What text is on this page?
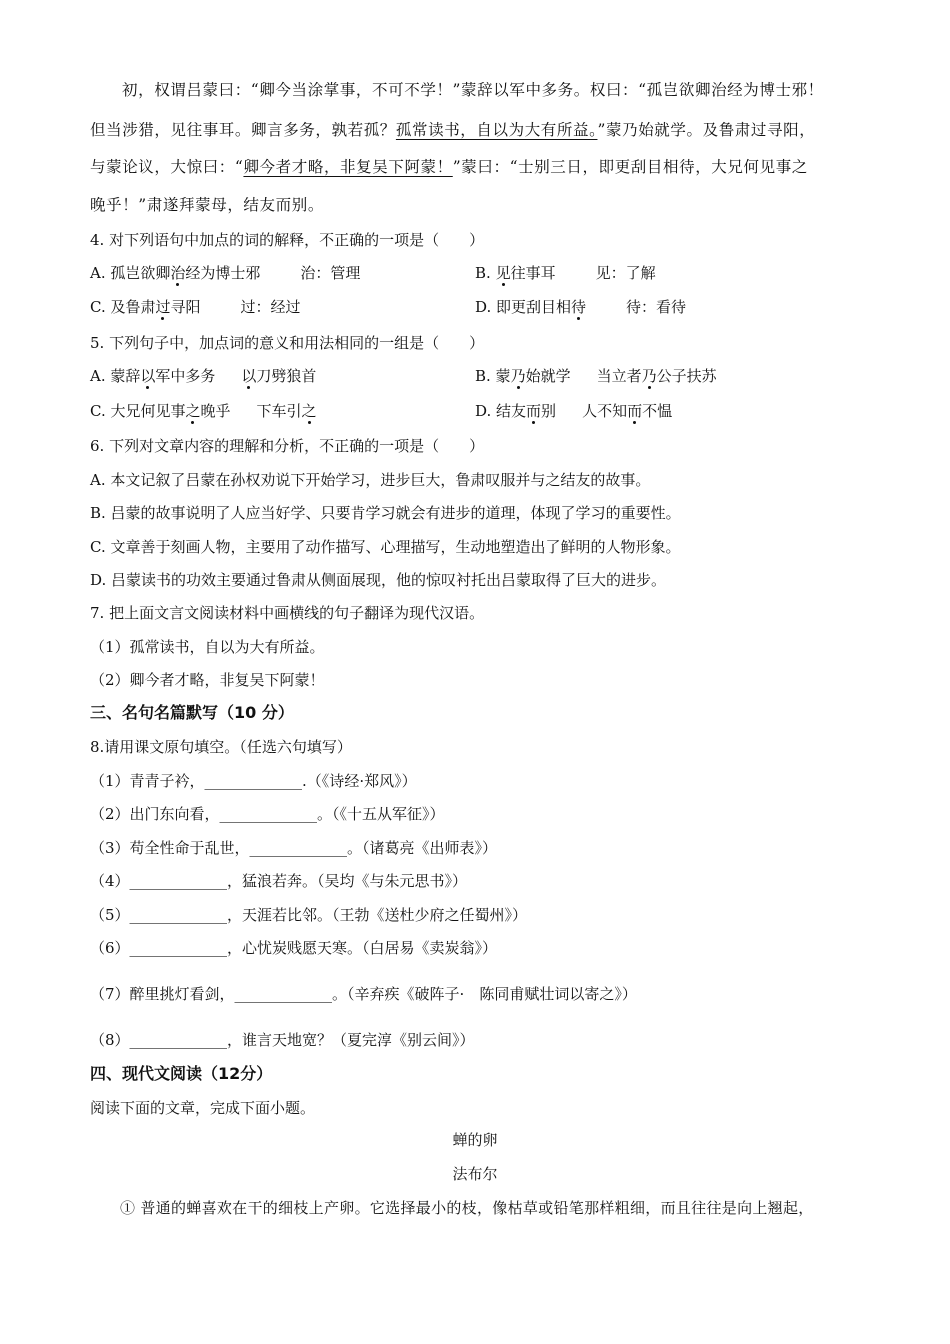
初，权谓吕蒙曰：“卿今当涂掌事，不可不学！”蒙辞以军中多务。权曰：“孤岂欲卿治经为博士邪！
但当涉猎，见往事耳。卿言多务，孰若孤？孤常读书，自以为大有所益。”蒙乃始就学。及鲁肃过寻阳，
与蒙论议，大惊曰：“卿今者才略，非复吴下阿蒙！”蒙曰：“士别三日，即更刮目相待，大兄何见事之
晚乎！”肃遂拜蒙母，结友而别。
4. 对下列语句中加点的词的解释，不正确的一项是（　　）
A. 孤岂欲卿治经为博士邪	治：管理	B. 见往事耳	见：了解
C. 及鲁肃过寻阳	过：经过	D. 即更刮目相待	待：看待
5. 下列句子中，加点词的意义和用法相同的一组是（　　）
A. 蒙辞以军中多务 以刀劈狼首	B. 蒙乃始就学 当立者乃公子扶苏
C. 大兄何见事之晚乎 下车引之	D. 结友而别 人不知而不愠
6. 下列对文章内容的理解和分析，不正确的一项是（　　）
A. 本文记叙了吕蒙在孙权劝说下开始学习，进步巨大，鲁肃叹服并与之结友的故事。
B. 吕蒙的故事说明了人应当好学、只要肯学习就会有进步的道理，体现了学习的重要性。
C. 文章善于刻画人物，主要用了动作描写、心理描写，生动地塑造出了鲜明的人物形象。
D. 吕蒙读书的功效主要通过鲁肃从侧面展现，他的惊叹衬托出吕蒙取得了巨大的进步。
7. 把上面文言文阅读材料中画横线的句子翻译为现代汉语。
（1）孤常读书，自以为大有所益。
（2）卿今者才略，非复吴下阿蒙！
三、名句名篇默写（10 分）
8.请用课文原句填空。（任选六句填写）
（1）青青子衿，_____________.（《诗经·郑风》）
（2）出门东向看，_____________。（《十五从军征》）
（3）苟全性命于乱世，_____________。（诸葛亮《出师表》）
（4）_____________，猛浪若奔。（吴均《与朱元思书》）
（5）_____________，天涯若比邻。（王勃《送杜少府之任蜀州》）
（6）_____________，心忧炭贱愿天寒。（白居易《卖炭翁》）
（7）醉里挑灯看剑，_____________。（辛弃疾《破阵子·　陈同甫赋壮词以寄之》）
（8）_____________，谁言天地宽？（夏完淳《别云间》）
四、现代文阅读（12分）
阅读下面的文章，完成下面小题。
蝉的卵
法布尔
① 普通的蝉喜欢在干的细枝上产卵。它选择最小的枝，像枯草或铅笔那样粗细，而且往往是向上翘起，
